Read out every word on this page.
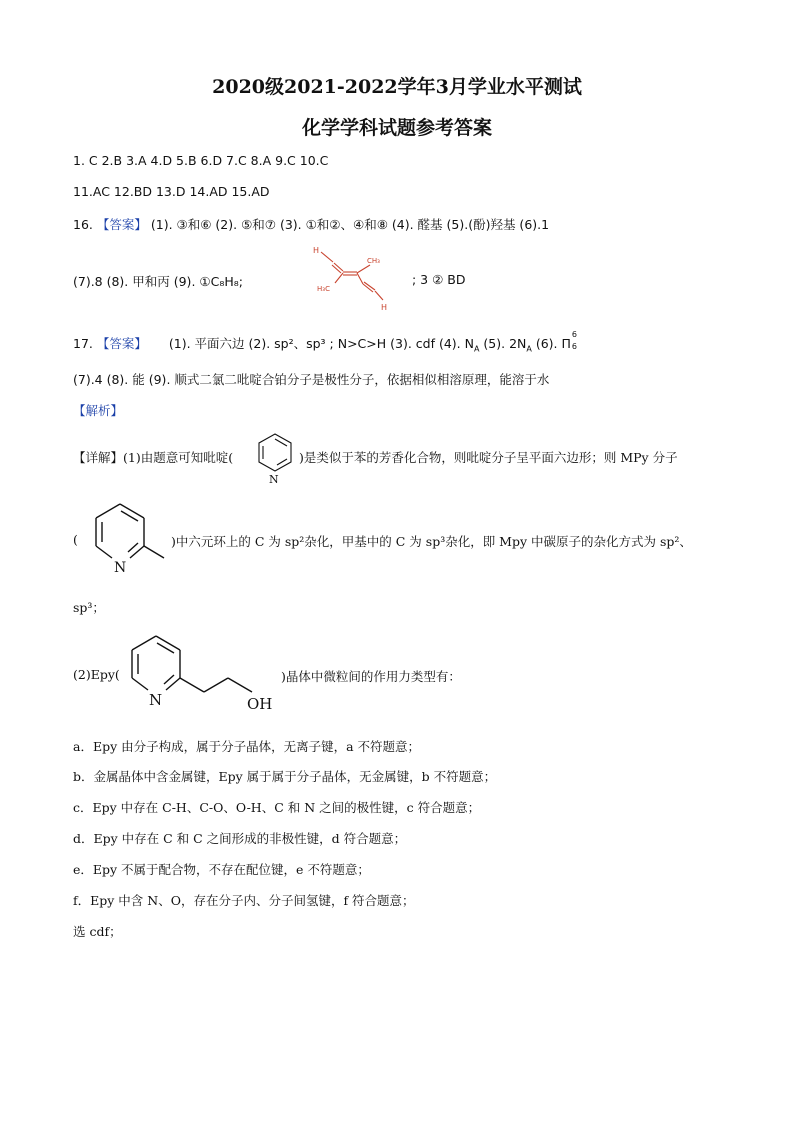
2020级2021-2022学年3月学业水平测试
化学学科试题参考答案
1. C 2.B 3.A 4.D 5.B 6.D 7.C 8.A 9.C 10.C
11.AC 12.BD 13.D 14.AD 15.AD
16. 【答案】 (1). ③和⑥ (2). ⑤和⑦ (3). ①和②、④和⑧ (4). 醛基 (5).(酚)羟基 (6).1
(7).8 (8). 甲和丙 (9). ①C₈H₈;
H
H
H₃C
CH₃
; 3 ② BD
17. 【答案】 (1). 平面六边 (2). sp²、sp³ ; N>C>H (3). cdf (4). $N_A$ (5). $2N_A$ (6). Π
6
6
(7).4 (8). 能 (9). 顺式二氯二吡啶合铂分子是极性分子，依据相似相溶原理，能溶于水
【解析】
【详解】(1)由题意可知吡啶(
N
)是类似于苯的芳香化合物，则吡啶分子呈平面六边形；则 MPy 分子
(
N
)中六元环上的 C 为 sp²杂化，甲基中的 C 为 sp³杂化，即 Mpy 中碳原子的杂化方式为 sp²、
sp³；
(2)Epy(
N	OH
)晶体中微粒间的作用力类型有：
a．Epy 由分子构成，属于分子晶体，无离子键，a 不符题意；
b．金属晶体中含金属键，Epy 属于属于分子晶体，无金属键，b 不符题意；
c．Epy 中存在 C-H、C-O、O-H、C 和 N 之间的极性键，c 符合题意；
d．Epy 中存在 C 和 C 之间形成的非极性键，d 符合题意；
e．Epy 不属于配合物，不存在配位键，e 不符题意；
f．Epy 中含 N、O，存在分子内、分子间氢键，f 符合题意；
选 cdf；
